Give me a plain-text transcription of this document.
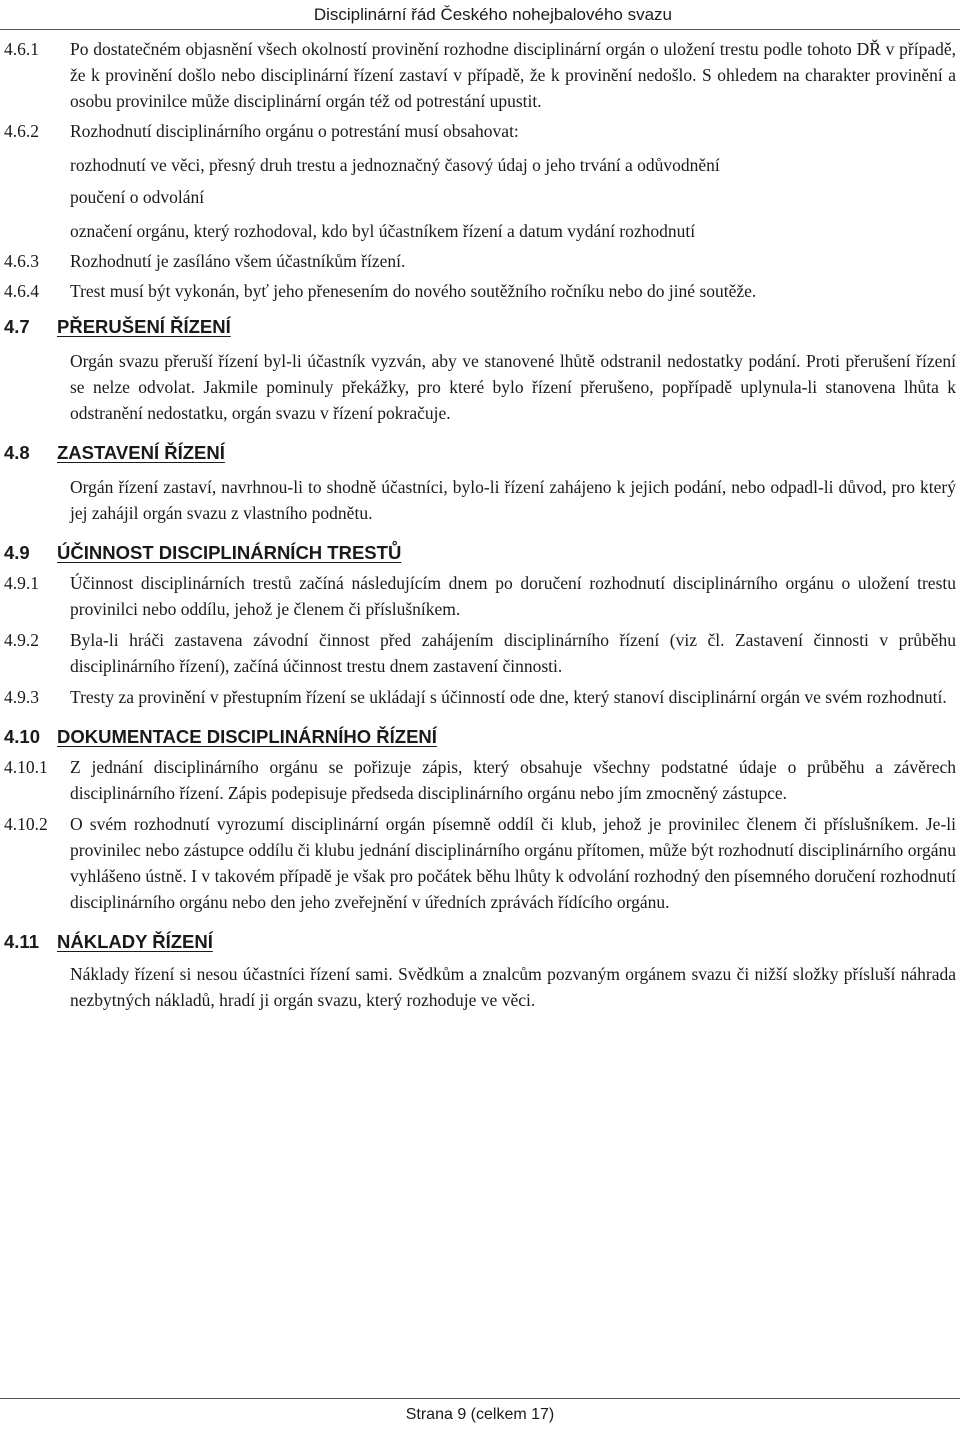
Disciplinární řád Českého nohejbalového svazu

4.6.1 Po dostatečném objasnění všech okolností provinění rozhodne disciplinární orgán o uložení trestu podle tohoto DŘ v případě, že k provinění došlo nebo disciplinární řízení zastaví v případě, že k provinění nedošlo. S ohledem na charakter provinění a osobu provinilce může disciplinární orgán též od potrestání upustit.

4.6.2 Rozhodnutí disciplinárního orgánu o potrestání musí obsahovat:

rozhodnutí ve věci, přesný druh trestu a jednoznačný časový údaj o jeho trvání a odůvodnění

poučení o odvolání

označení orgánu, který rozhodoval, kdo byl účastníkem řízení a datum vydání rozhodnutí

4.6.3 Rozhodnutí je zasíláno všem účastníkům řízení.

4.6.4 Trest musí být vykonán, byť jeho přenesením do nového soutěžního ročníku nebo do jiné soutěže.

4.7 PŘERUŠENÍ ŘÍZENÍ

Orgán svazu přeruší řízení byl-li účastník vyzván, aby ve stanovené lhůtě odstranil nedostatky podání. Proti přerušení řízení se nelze odvolat. Jakmile pominuly překážky, pro které bylo řízení přerušeno, popřípadě uplynula-li stanovena lhůta k odstranění nedostatku, orgán svazu v řízení pokračuje.

4.8 ZASTAVENÍ ŘÍZENÍ

Orgán řízení zastaví, navrhnou-li to shodně účastníci, bylo-li řízení zahájeno k jejich podání, nebo odpadl-li důvod, pro který jej zahájil orgán svazu z vlastního podnětu.

4.9 ÚČINNOST DISCIPLINÁRNÍCH TRESTŮ

4.9.1 Účinnost disciplinárních trestů začíná následujícím dnem po doručení rozhodnutí disciplinárního orgánu o uložení trestu provinilci nebo oddílu, jehož je členem či příslušníkem.

4.9.2 Byla-li hráči zastavena závodní činnost před zahájením disciplinárního řízení (viz čl. Zastavení činnosti v průběhu disciplinárního řízení), začíná účinnost trestu dnem zastavení činnosti.

4.9.3 Tresty za provinění v přestupním řízení se ukládají s účinností ode dne, který stanoví disciplinární orgán ve svém rozhodnutí.

4.10 DOKUMENTACE DISCIPLINÁRNÍHO ŘÍZENÍ

4.10.1 Z jednání disciplinárního orgánu se pořizuje zápis, který obsahuje všechny podstatné údaje o průběhu a závěrech disciplinárního řízení. Zápis podepisuje předseda disciplinárního orgánu nebo jím zmocněný zástupce.

4.10.2 O svém rozhodnutí vyrozumí disciplinární orgán písemně oddíl či klub, jehož je provinilec členem či příslušníkem. Je-li provinilec nebo zástupce oddílu či klubu jednání disciplinárního orgánu přítomen, může být rozhodnutí disciplinárního orgánu vyhlášeno ústně. I v takovém případě je však pro počátek běhu lhůty k odvolání rozhodný den písemného doručení rozhodnutí disciplinárního orgánu nebo den jeho zveřejnění v úředních zprávách řídícího orgánu.

4.11 NÁKLADY ŘÍZENÍ

Náklady řízení si nesou účastníci řízení sami. Svědkům a znalcům pozvaným orgánem svazu či nižší složky přísluší náhrada nezbytných nákladů, hradí ji orgán svazu, který rozhoduje ve věci.

Strana 9 (celkem 17)
